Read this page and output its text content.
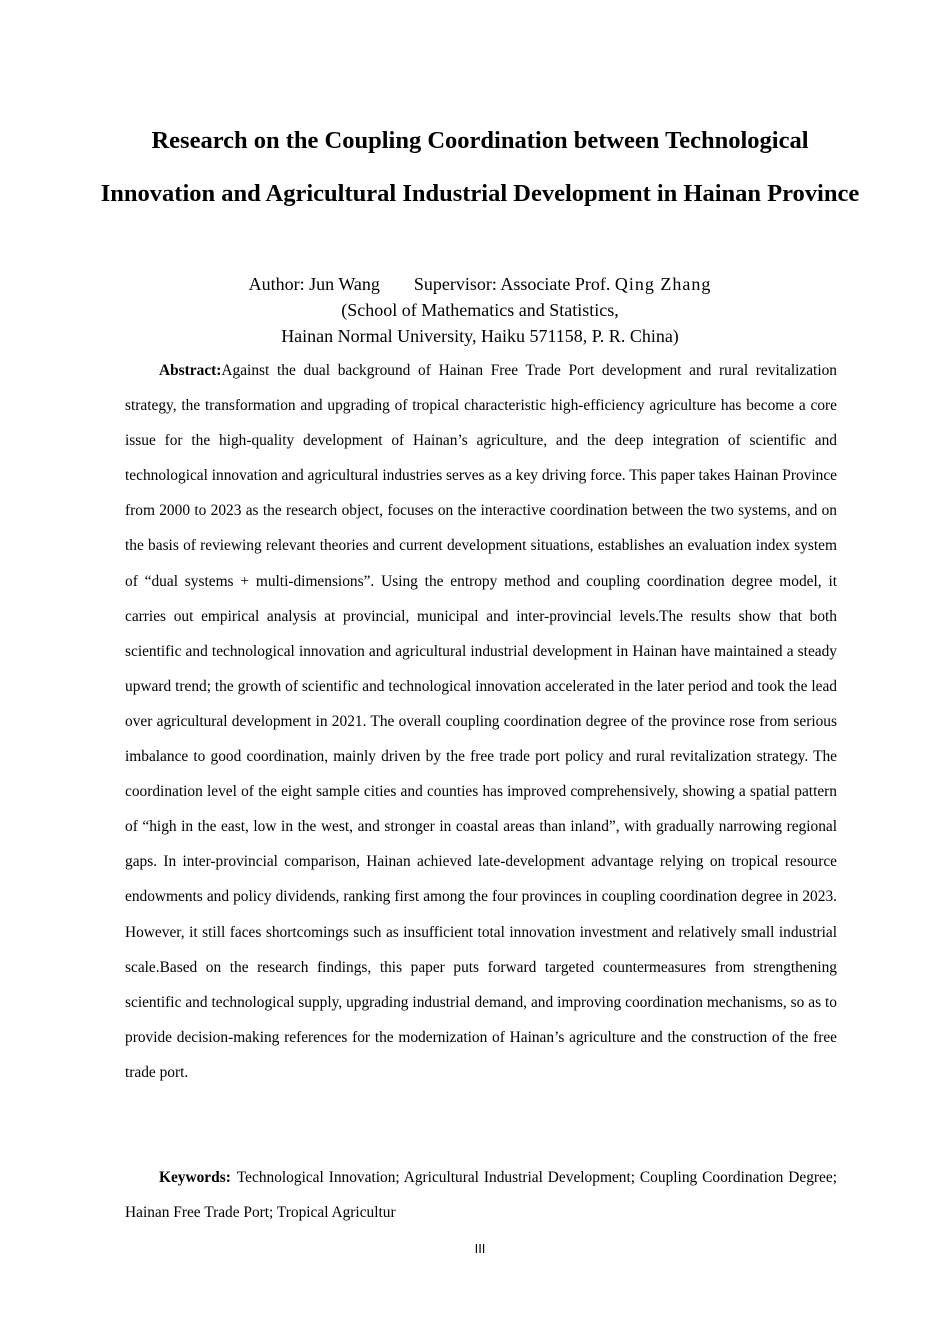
Research on the Coupling Coordination between Technological Innovation and Agricultural Industrial Development in Hainan Province
Author: Jun Wang Supervisor: Associate Prof. Qing Zhang
(School of Mathematics and Statistics,
Hainan Normal University, Haiku 571158, P. R. China)

Abstract:Against the dual background of Hainan Free Trade Port development and rural revitalization strategy, the transformation and upgrading of tropical characteristic high-efficiency agriculture has become a core issue for the high-quality development of Hainan’s agriculture, and the deep integration of scientific and technological innovation and agricultural industries serves as a key driving force. This paper takes Hainan Province from 2000 to 2023 as the research object, focuses on the interactive coordination between the two systems, and on the basis of reviewing relevant theories and current development situations, establishes an evaluation index system of “dual systems + multi-dimensions”. Using the entropy method and coupling coordination degree model, it carries out empirical analysis at provincial, municipal and inter-provincial levels.The results show that both scientific and technological innovation and agricultural industrial development in Hainan have maintained a steady upward trend; the growth of scientific and technological innovation accelerated in the later period and took the lead over agricultural development in 2021. The overall coupling coordination degree of the province rose from serious imbalance to good coordination, mainly driven by the free trade port policy and rural revitalization strategy. The coordination level of the eight sample cities and counties has improved comprehensively, showing a spatial pattern of “high in the east, low in the west, and stronger in coastal areas than inland”, with gradually narrowing regional gaps. In inter-provincial comparison, Hainan achieved late-development advantage relying on tropical resource endowments and policy dividends, ranking first among the four provinces in coupling coordination degree in 2023. However, it still faces shortcomings such as insufficient total innovation investment and relatively small industrial scale.Based on the research findings, this paper puts forward targeted countermeasures from strengthening scientific and technological supply, upgrading industrial demand, and improving coordination mechanisms, so as to provide decision-making references for the modernization of Hainan’s agriculture and the construction of the free trade port.

Keywords: Technological Innovation; Agricultural Industrial Development; Coupling Coordination Degree; Hainan Free Trade Port; Tropical Agricultur

III
